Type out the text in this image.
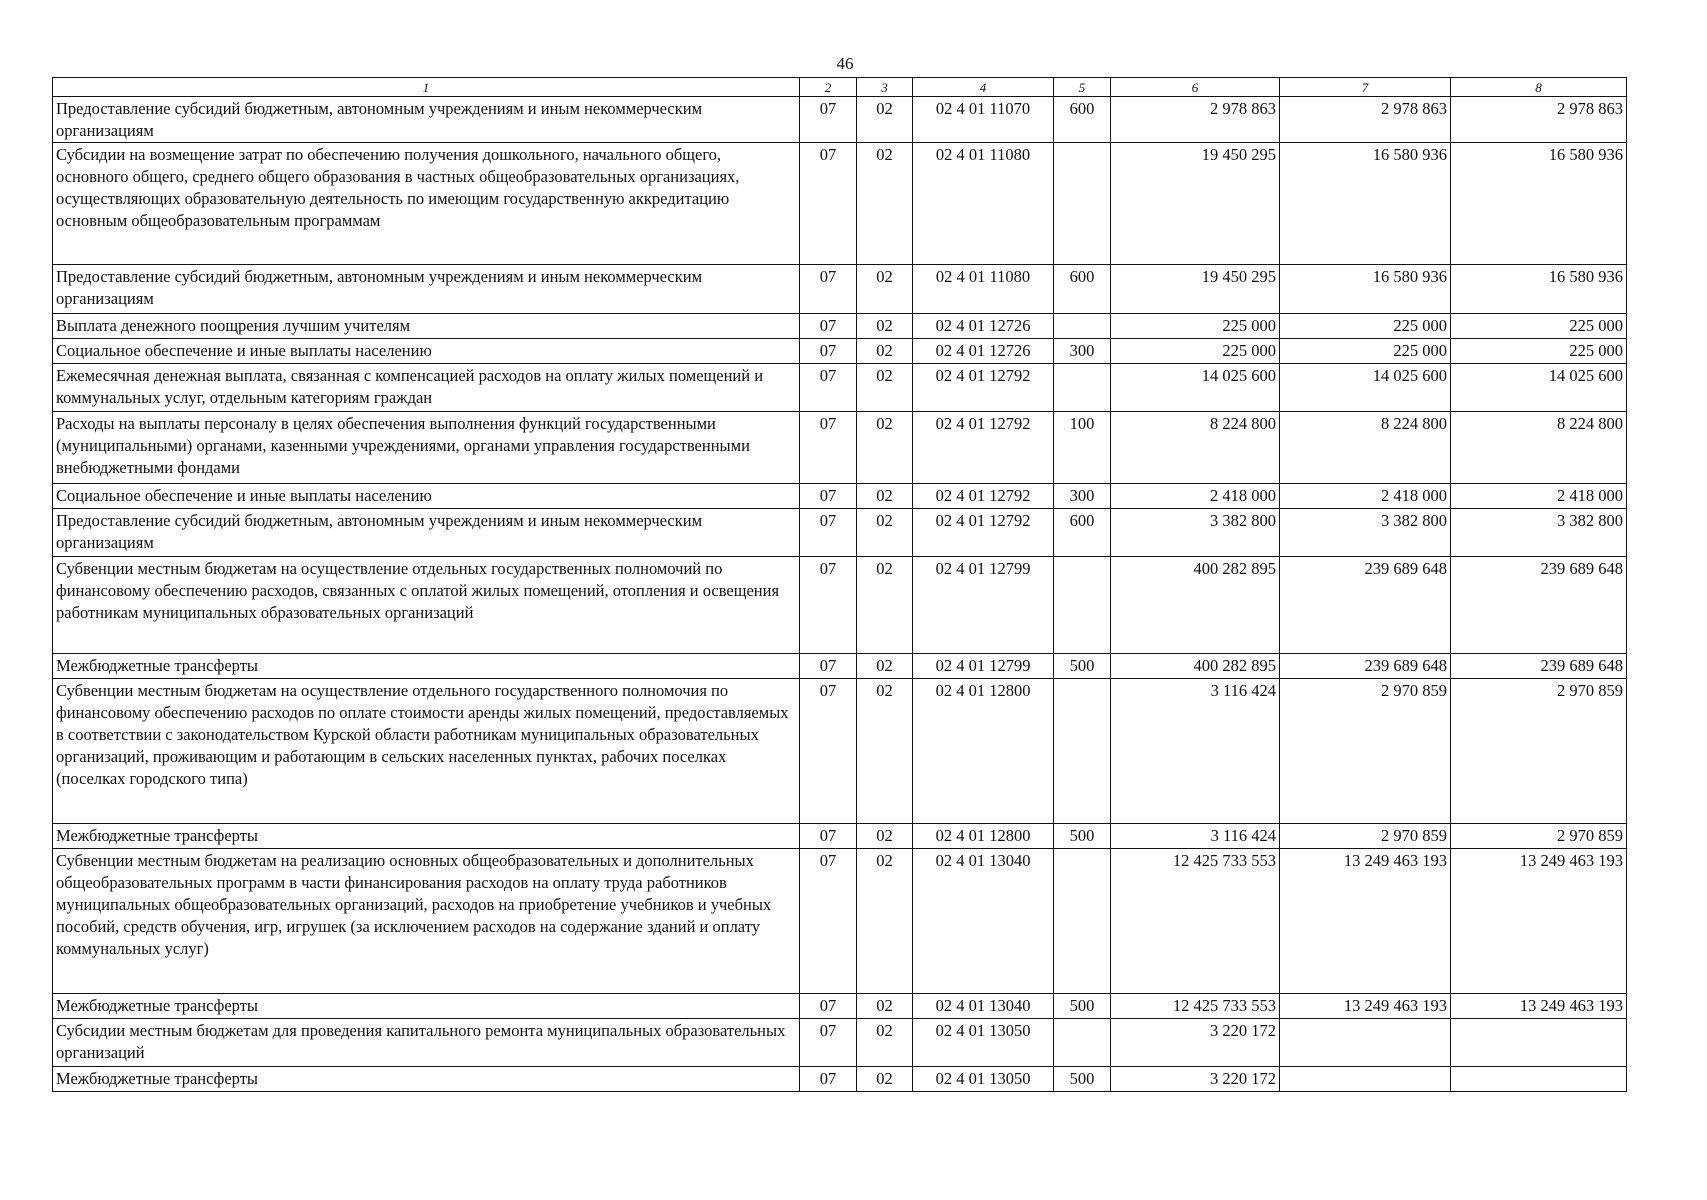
46
1	2	3	4	5	6	7	8
Предоставление субсидий бюджетным, автономным учреждениям и иным некоммерческим организациям	07	02	02 4 01 11070	600	2 978 863	2 978 863	2 978 863
Субсидии на возмещение затрат по обеспечению получения дошкольного, начального общего, основного общего, среднего общего образования в частных общеобразовательных организациях, осуществляющих образовательную деятельность по имеющим государственную аккредитацию основным общеобразовательным программам	07	02	02 4 01 11080		19 450 295	16 580 936	16 580 936
Предоставление субсидий бюджетным, автономным учреждениям и иным некоммерческим организациям	07	02	02 4 01 11080	600	19 450 295	16 580 936	16 580 936
Выплата денежного поощрения лучшим учителям	07	02	02 4 01 12726		225 000	225 000	225 000
Социальное обеспечение и иные выплаты населению	07	02	02 4 01 12726	300	225 000	225 000	225 000
Ежемесячная денежная выплата, связанная с компенсацией расходов на оплату жилых помещений и коммунальных услуг, отдельным категориям граждан	07	02	02 4 01 12792		14 025 600	14 025 600	14 025 600
Расходы на выплаты персоналу в целях обеспечения выполнения функций государственными (муниципальными) органами, казенными учреждениями, органами управления государственными внебюджетными фондами	07	02	02 4 01 12792	100	8 224 800	8 224 800	8 224 800
Социальное обеспечение и иные выплаты населению	07	02	02 4 01 12792	300	2 418 000	2 418 000	2 418 000
Предоставление субсидий бюджетным, автономным учреждениям и иным некоммерческим организациям	07	02	02 4 01 12792	600	3 382 800	3 382 800	3 382 800
Субвенции местным бюджетам на осуществление отдельных государственных полномочий по финансовому обеспечению расходов, связанных с оплатой жилых помещений, отопления и освещения работникам муниципальных образовательных организаций	07	02	02 4 01 12799		400 282 895	239 689 648	239 689 648
Межбюджетные трансферты	07	02	02 4 01 12799	500	400 282 895	239 689 648	239 689 648
Субвенции местным бюджетам на осуществление отдельного государственного полномочия по финансовому обеспечению расходов по оплате стоимости аренды жилых помещений, предоставляемых в соответствии с законодательством Курской области работникам муниципальных образовательных организаций, проживающим и работающим в сельских населенных пунктах, рабочих поселках (поселках городского типа)	07	02	02 4 01 12800		3 116 424	2 970 859	2 970 859
Межбюджетные трансферты	07	02	02 4 01 12800	500	3 116 424	2 970 859	2 970 859
Субвенции местным бюджетам на реализацию основных общеобразовательных и дополнительных общеобразовательных программ в части финансирования расходов на оплату труда работников муниципальных общеобразовательных организаций, расходов на приобретение учебников и учебных пособий, средств обучения, игр, игрушек (за исключением расходов на содержание зданий и оплату коммунальных услуг)	07	02	02 4 01 13040		12 425 733 553	13 249 463 193	13 249 463 193
Межбюджетные трансферты	07	02	02 4 01 13040	500	12 425 733 553	13 249 463 193	13 249 463 193
Субсидии местным бюджетам для проведения капитального ремонта муниципальных образовательных организаций	07	02	02 4 01 13050		3 220 172		
Межбюджетные трансферты	07	02	02 4 01 13050	500	3 220 172		
